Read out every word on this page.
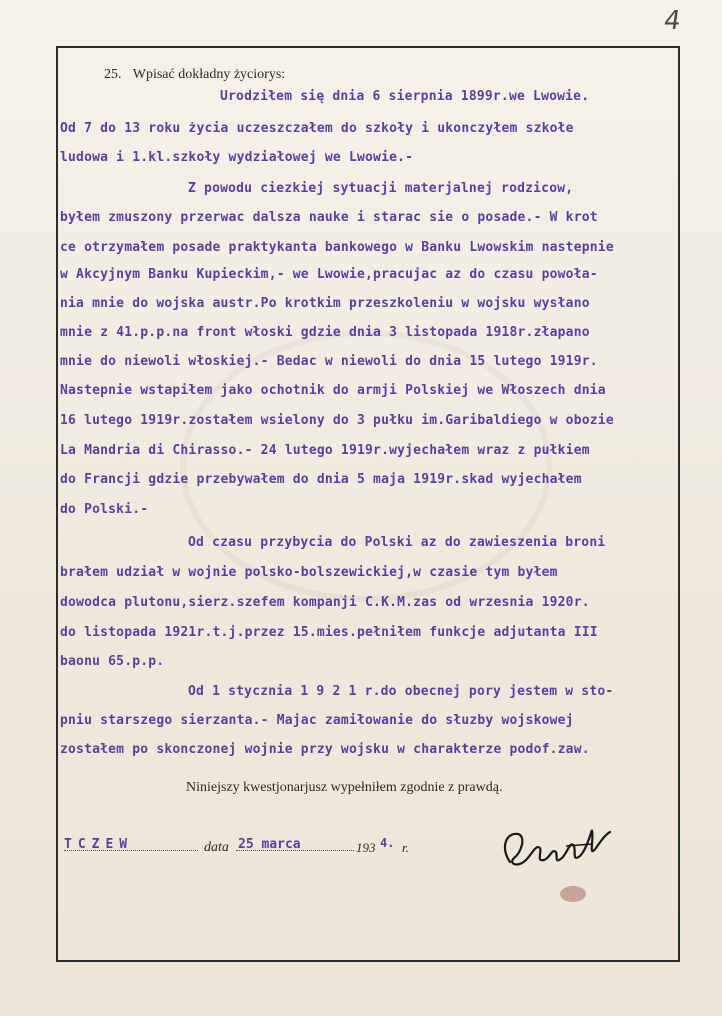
4
25. Wpisać dokładny życiorys:
Urodziłem się dnia 6 sierpnia 1899r.we Lwowie.
Od 7 do 13 roku życia uczeszczałem do szkoły i ukonczyłem szkołe
ludowa i 1.kl.szkoły wydziałowej we Lwowie.-
Z powodu ciezkiej sytuacji materjalnej rodzicow,
byłem zmuszony przerwac dalsza nauke i starac sie o posade.- W krot
ce otrzymałem posade praktykanta bankowego w Banku Lwowskim nastepnie
w Akcyjnym Banku Kupieckim,- we Lwowie,pracujac az do czasu powoła-
nia mnie do wojska austr.Po krotkim przeszkoleniu w wojsku wysłano
mnie z 41.p.p.na front włoski gdzie dnia 3 listopada 1918r.złapano
mnie do niewoli włoskiej.- Bedac w niewoli do dnia 15 lutego 1919r.
Nastepnie wstapiłem jako ochotnik do armji Polskiej we Włoszech dnia
16 lutego 1919r.zostałem wsielony do 3 pułku im.Garibaldiego w obozie
La Mandria di Chirasso.- 24 lutego 1919r.wyjechałem wraz z pułkiem
do Francji gdzie przebywałem do dnia 5 maja 1919r.skad wyjechałem
do Polski.-
Od czasu przybycia do Polski az do zawieszenia broni
brałem udział w wojnie polsko-bolszewickiej,w czasie tym byłem
dowodca plutonu,sierz.szefem kompanji C.K.M.zas od wrzesnia 1920r.
do listopada 1921r.t.j.przez 15.mies.pełniłem funkcje adjutanta III
baonu 65.p.p.
Od 1 stycznia 1 9 2 1 r.do obecnej pory jestem w sto-
pniu starszego sierzanta.- Majac zamiłowanie do słuzby wojskowej
zostałem po skonczonej wojnie przy wojsku w charakterze podof.zaw.
Niniejszy kwestjonarjusz wypełniłem zgodnie z prawdą.
TCZEW	data 25 marca	193 4. r.
